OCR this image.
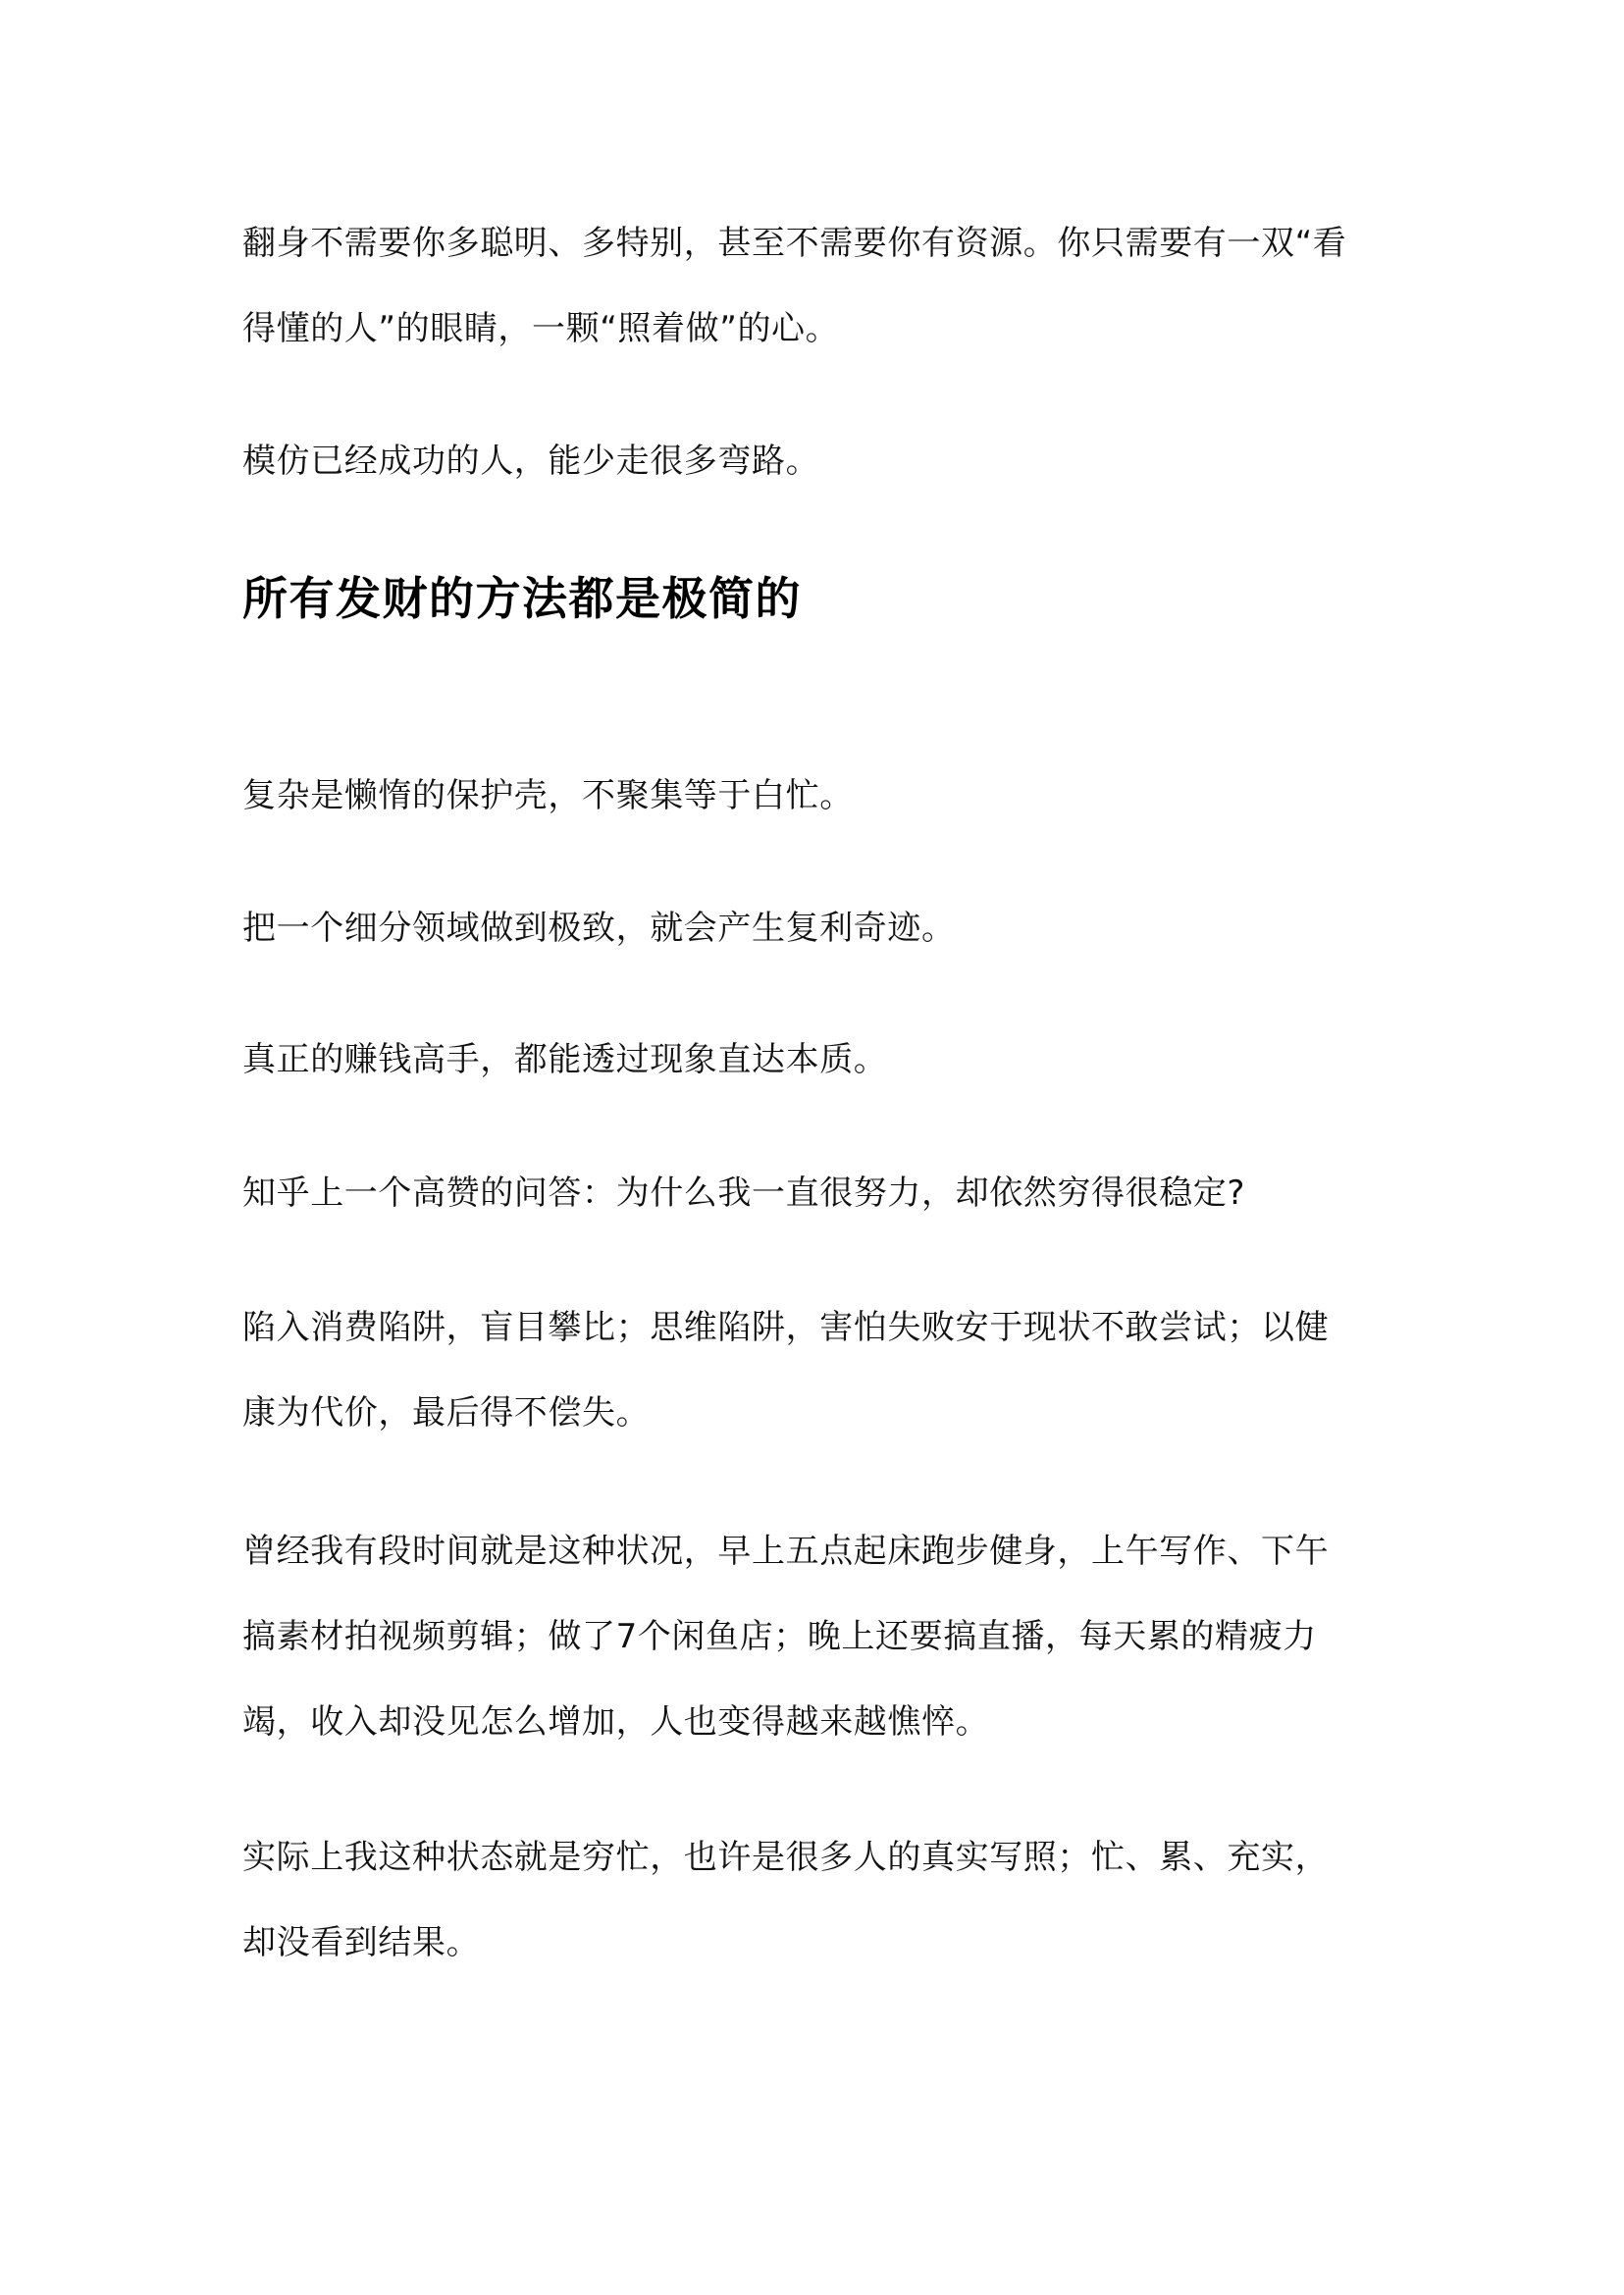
翻身不需要你多聪明、多特别，甚至不需要你有资源。你只需要有一双“看
得懂的人”的眼睛，一颗“照着做”的心。

模仿已经成功的人，能少走很多弯路。

所有发财的方法都是极简的

复杂是懒惰的保护壳，不聚集等于白忙。

把一个细分领域做到极致，就会产生复利奇迹。

真正的赚钱高手，都能透过现象直达本质。

知乎上一个高赞的问答：为什么我一直很努力，却依然穷得很稳定?

陷入消费陷阱，盲目攀比；思维陷阱，害怕失败安于现状不敢尝试；以健
康为代价，最后得不偿失。

曾经我有段时间就是这种状况，早上五点起床跑步健身，上午写作、下午
搞素材拍视频剪辑；做了7个闲鱼店；晚上还要搞直播，每天累的精疲力
竭，收入却没见怎么增加，人也变得越来越憔悴。

实际上我这种状态就是穷忙，也许是很多人的真实写照；忙、累、充实，
却没看到结果。
